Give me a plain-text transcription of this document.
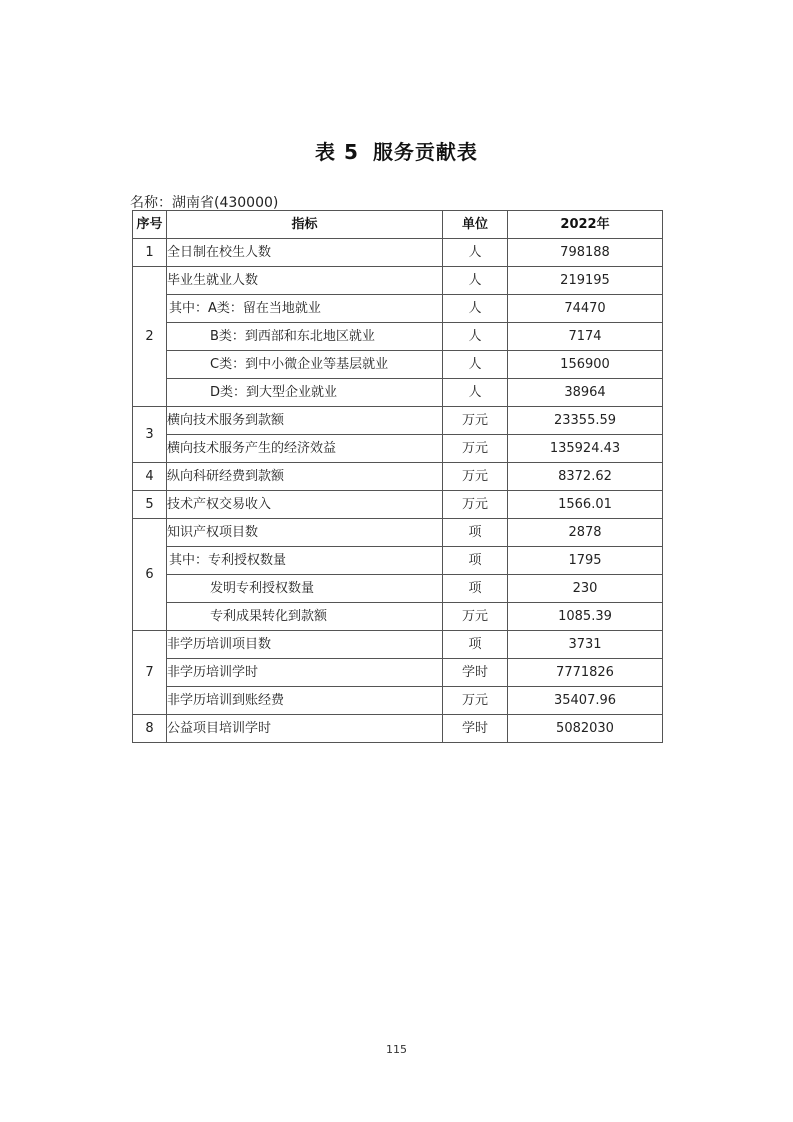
表 5 服务贡献表
名称：湖南省(430000)
序号	指标	单位	2022年
1	全日制在校生人数	人	798188
2	毕业生就业人数	人	219195
	其中：A类：留在当地就业	人	74470
	B类：到西部和东北地区就业	人	7174
	C类：到中小微企业等基层就业	人	156900
	D类：到大型企业就业	人	38964
3	横向技术服务到款额	万元	23355.59
	横向技术服务产生的经济效益	万元	135924.43
4	纵向科研经费到款额	万元	8372.62
5	技术产权交易收入	万元	1566.01
6	知识产权项目数	项	2878
	其中：专利授权数量	项	1795
	发明专利授权数量	项	230
	专利成果转化到款额	万元	1085.39
7	非学历培训项目数	项	3731
	非学历培训学时	学时	7771826
	非学历培训到账经费	万元	35407.96
8	公益项目培训学时	学时	5082030
115
